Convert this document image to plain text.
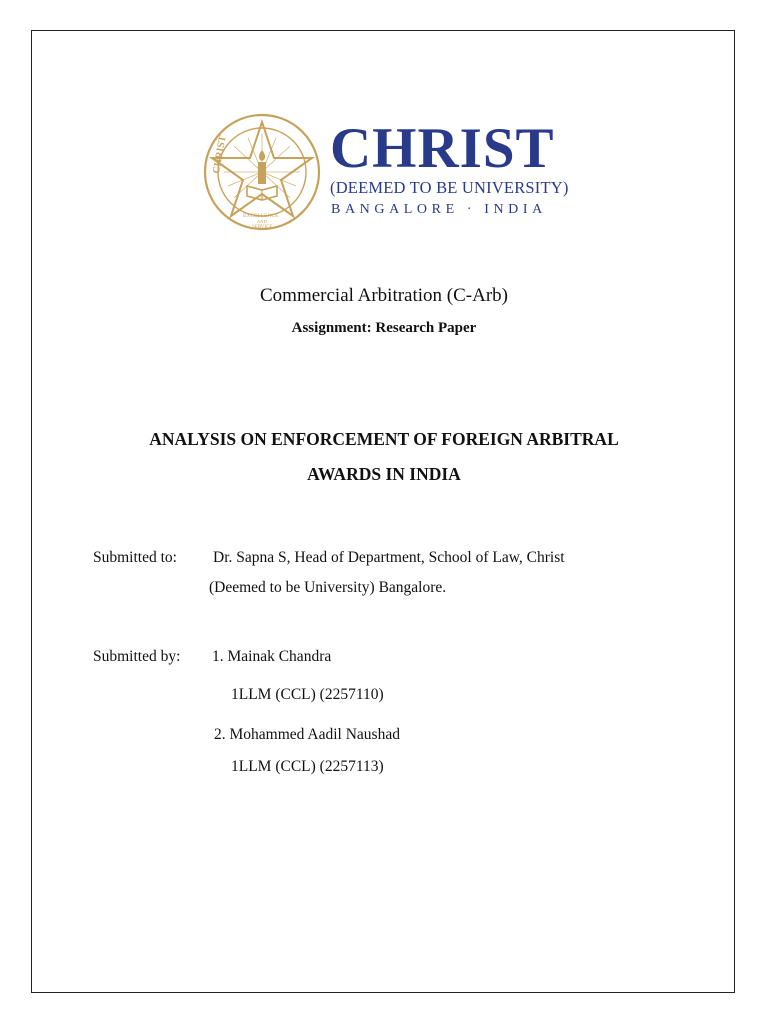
CHRIST
EXCELLENCE
AND
SERVICE
CHRIST
(DEEMED TO BE UNIVERSITY)
BANGALORE · INDIA
Commercial Arbitration (C-Arb)
Assignment: Research Paper
ANALYSIS ON ENFORCEMENT OF FOREIGN ARBITRAL
AWARDS IN INDIA
Submitted to: Dr. Sapna S, Head of Department, School of Law, Christ
(Deemed to be University) Bangalore.
Submitted by: 1. Mainak Chandra
1LLM (CCL) (2257110)
2. Mohammed Aadil Naushad
1LLM (CCL) (2257113)
